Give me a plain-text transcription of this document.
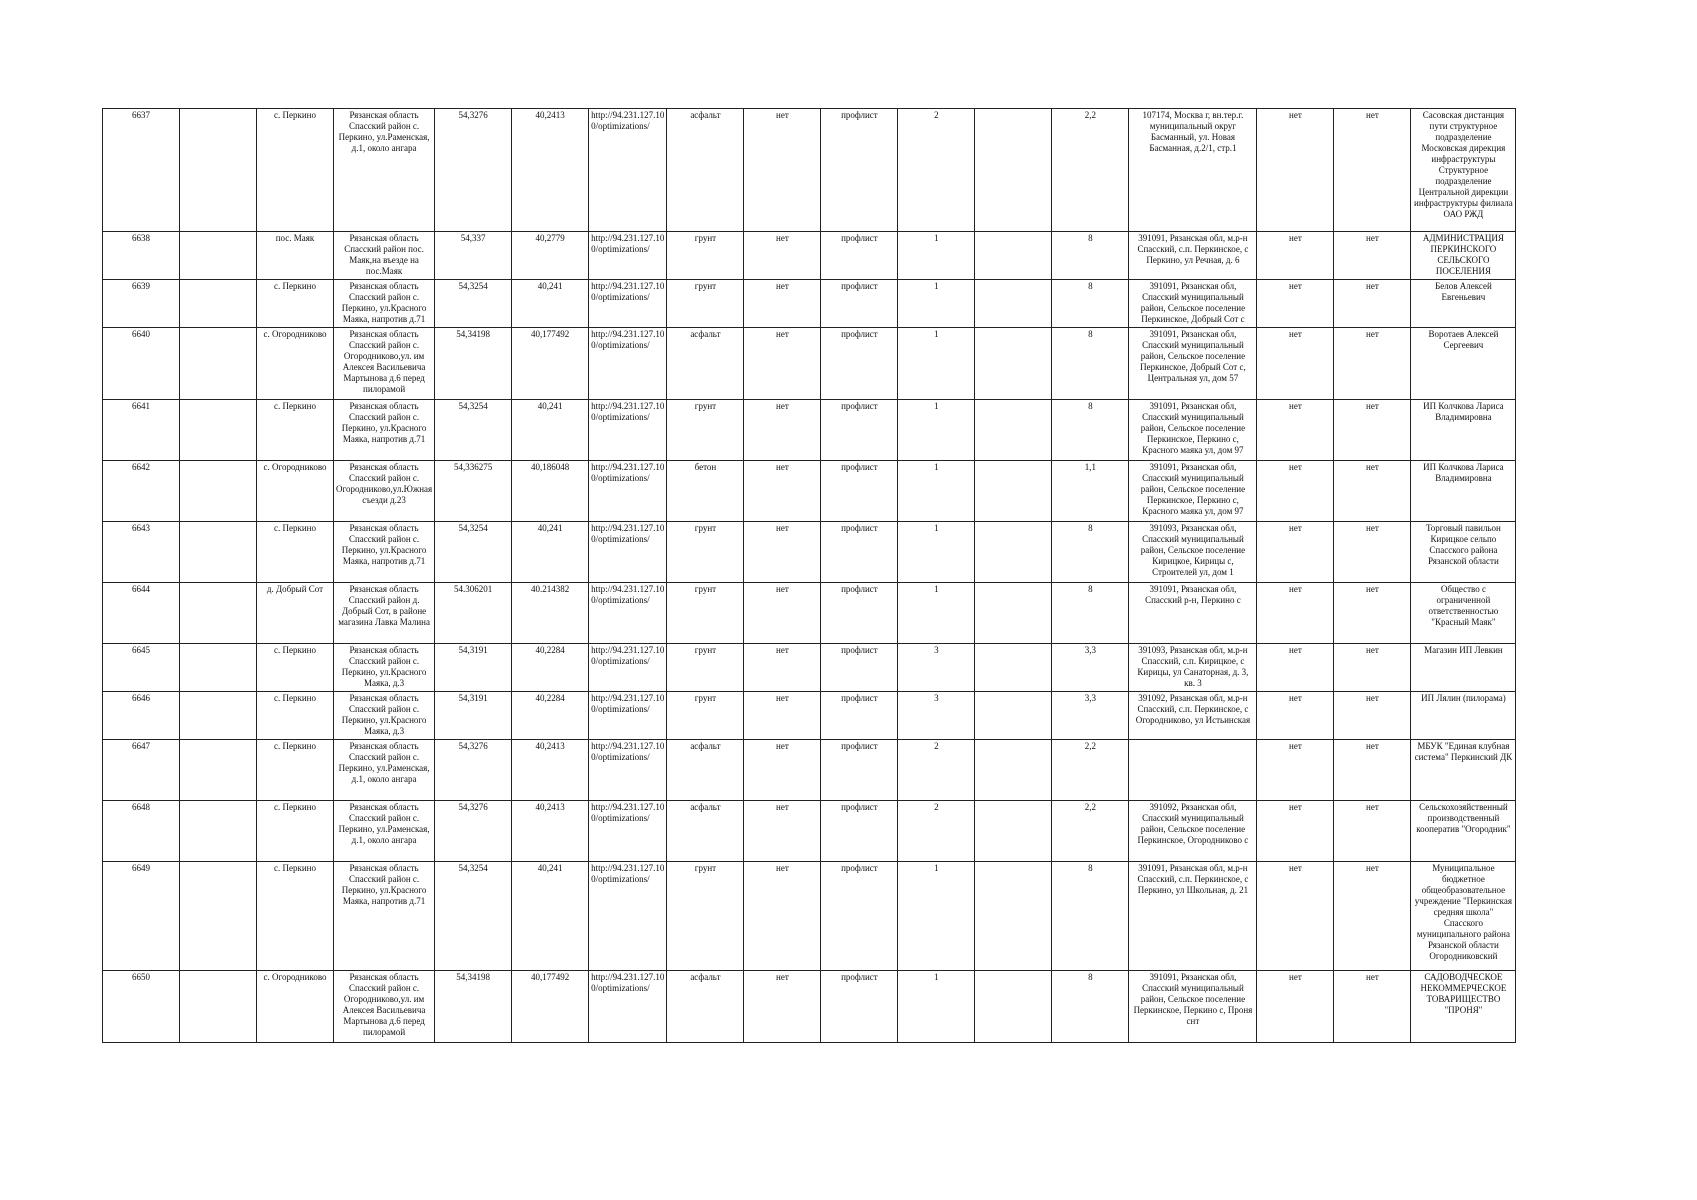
6637		с. Перкино	Рязанская область Спасский район с. Перкино, ул.Раменская, д.1, около ангара	54,3276	40,2413	http://94.231.127.10 0/optimizations/	асфальт	нет	профлист	2		2,2	107174, Москва г, вн.тер.г. муниципальный округ Басманный, ул. Новая Басманная, д.2/1, стр.1	нет	нет	Сасовская дистанция пути структурное подразделение Московская дирекция инфраструктуры Структурное подразделение Центральной дирекции инфраструктуры филиала ОАО РЖД
6638		пос. Маяк	Рязанская область Спасский район пос. Маяк,на въезде на пос.Маяк	54,337	40,2779	http://94.231.127.10 0/optimizations/	грунт	нет	профлист	1		8	391091, Рязанская обл, м.р-н Спасский, с.п. Перкинское, с Перкино, ул Речная, д. 6	нет	нет	АДМИНИСТРАЦИЯ ПЕРКИНСКОГО СЕЛЬСКОГО ПОСЕЛЕНИЯ
6639		с. Перкино	Рязанская область Спасский район с. Перкино, ул.Красного Маяка, напротив д.71	54,3254	40,241	http://94.231.127.10 0/optimizations/	грунт	нет	профлист	1		8	391091, Рязанская обл, Спасский муниципальный район, Сельское поселение Перкинское, Добрый Сот с	нет	нет	Белов Алексей Евгеньевич
6640		с. Огородниково	Рязанская область Спасский район с. Огородниково,ул. им Алексея Васильевича Мартынова д.6 перед пилорамой	54,34198	40,177492	http://94.231.127.10 0/optimizations/	асфальт	нет	профлист	1		8	391091, Рязанская обл, Спасский муниципальный район, Сельское поселение Перкинское, Добрый Сот с, Центральная ул, дом 57	нет	нет	Воротаев Алексей Сергеевич
6641		с. Перкино	Рязанская область Спасский район с. Перкино, ул.Красного Маяка, напротив д.71	54,3254	40,241	http://94.231.127.10 0/optimizations/	грунт	нет	профлист	1		8	391091, Рязанская обл, Спасский муниципальный район, Сельское поселение Перкинское, Перкино с, Красного маяка ул, дом 97	нет	нет	ИП Колчкова Лариса Владимировна
6642		с. Огородниково	Рязанская область Спасский район с. Огородниково,ул.Южная съезди д.23	54,336275	40,186048	http://94.231.127.10 0/optimizations/	бетон	нет	профлист	1		1,1	391091, Рязанская обл, Спасский муниципальный район, Сельское поселение Перкинское, Перкино с, Красного маяка ул, дом 97	нет	нет	ИП Колчкова Лариса Владимировна
6643		с. Перкино	Рязанская область Спасский район с. Перкино, ул.Красного Маяка, напротив д.71	54,3254	40,241	http://94.231.127.10 0/optimizations/	грунт	нет	профлист	1		8	391093, Рязанская обл, Спасский муниципальный район, Сельское поселение Кирицкое, Кирицы с, Строителей ул, дом 1	нет	нет	Торговый павильон Кирицкое сельпо Спасского района Рязанской области
6644		д. Добрый Сот	Рязанская область Спасский район д. Добрый Сот, в районе магазина Лавка Малина	54.306201	40.214382	http://94.231.127.10 0/optimizations/	грунт	нет	профлист	1		8	391091, Рязанская обл, Спасский р-н, Перкино с	нет	нет	Общество с ограниченной ответственностью "Красный Маяк"
6645		с. Перкино	Рязанская область Спасский район с. Перкино, ул.Красного Маяка, д.3	54,3191	40,2284	http://94.231.127.10 0/optimizations/	грунт	нет	профлист	3		3,3	391093, Рязанская обл, м.р-н Спасский, с.п. Кирицкое, с Кирицы, ул Санаторная, д. 3, кв. 3	нет	нет	Магазин ИП Левкин
6646		с. Перкино	Рязанская область Спасский район с. Перкино, ул.Красного Маяка, д.3	54,3191	40,2284	http://94.231.127.10 0/optimizations/	грунт	нет	профлист	3		3,3	391092, Рязанская обл, м.р-н Спасский, с.п. Перкинское, с Огородниково, ул Истьинская	нет	нет	ИП Лялин (пилорама)
6647		с. Перкино	Рязанская область Спасский район с. Перкино, ул.Раменская, д.1, около ангара	54,3276	40,2413	http://94.231.127.10 0/optimizations/	асфальт	нет	профлист	2		2,2		нет	нет	МБУК "Единая клубная система" Перкинский ДК
6648		с. Перкино	Рязанская область Спасский район с. Перкино, ул.Раменская, д.1, около ангара	54,3276	40,2413	http://94.231.127.10 0/optimizations/	асфальт	нет	профлист	2		2,2	391092, Рязанская обл, Спасский муниципальный район, Сельское поселение Перкинское, Огородниково с	нет	нет	Сельскохозяйственный производственный кооператив "Огородник"
6649		с. Перкино	Рязанская область Спасский район с. Перкино, ул.Красного Маяка, напротив д.71	54,3254	40,241	http://94.231.127.10 0/optimizations/	грунт	нет	профлист	1		8	391091, Рязанская обл, м.р-н Спасский, с.п. Перкинское, с Перкино, ул Школьная, д. 21	нет	нет	Муниципальное бюджетное общеобразовательное учреждение "Перкинская средняя школа" Спасского муниципального района Рязанской области Огородниковский
6650		с. Огородниково	Рязанская область Спасский район с. Огородниково,ул. им Алексея Васильевича Мартынова д.6 перед пилорамой	54,34198	40,177492	http://94.231.127.10 0/optimizations/	асфальт	нет	профлист	1		8	391091, Рязанская обл, Спасский муниципальный район, Сельское поселение Перкинское, Перкино с, Проня снт	нет	нет	САДОВОДЧЕСКОЕ НЕКОММЕРЧЕСКОЕ ТОВАРИЩЕСТВО "ПРОНЯ"
